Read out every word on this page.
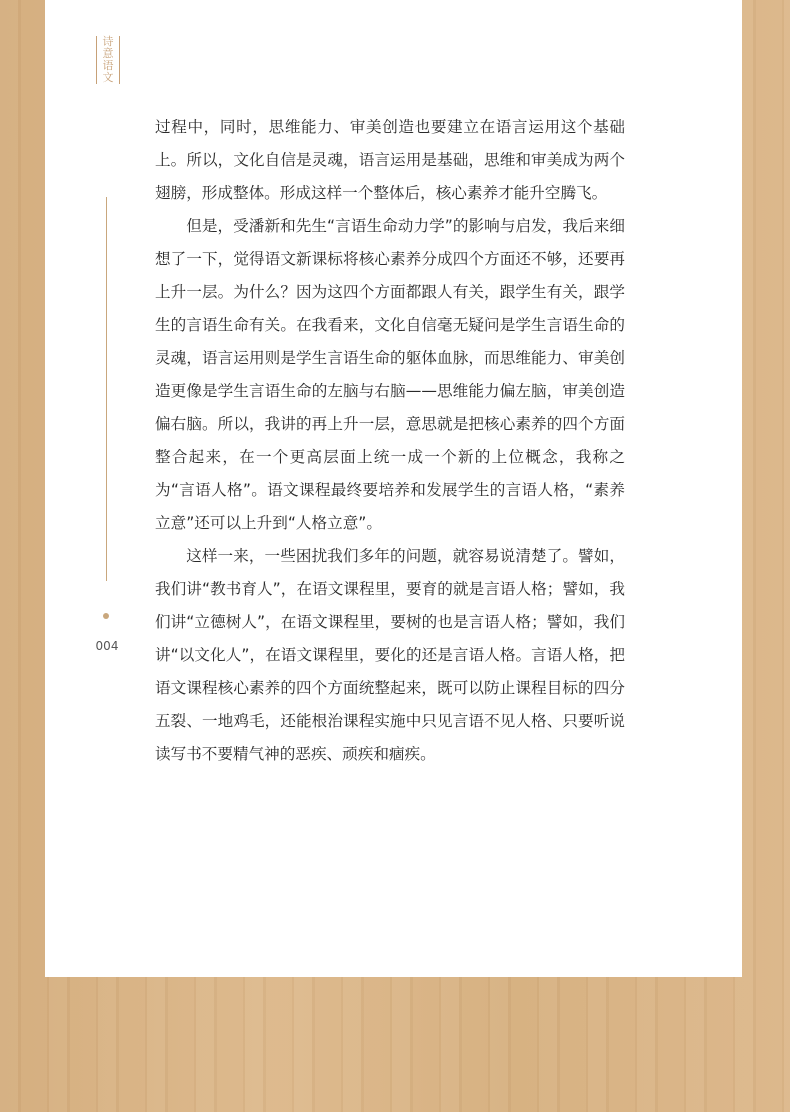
诗意语文
004

过程中，同时，思维能力、审美创造也要建立在语言运用这个基础上。所以，文化自信是灵魂，语言运用是基础，思维和审美成为两个翅膀，形成整体。形成这样一个整体后，核心素养才能升空腾飞。

但是，受潘新和先生“言语生命动力学”的影响与启发，我后来细想了一下，觉得语文新课标将核心素养分成四个方面还不够，还要再上升一层。为什么？因为这四个方面都跟人有关，跟学生有关，跟学生的言语生命有关。在我看来，文化自信毫无疑问是学生言语生命的灵魂，语言运用则是学生言语生命的躯体血脉，而思维能力、审美创造更像是学生言语生命的左脑与右脑——思维能力偏左脑，审美创造偏右脑。所以，我讲的再上升一层，意思就是把核心素养的四个方面整合起来，在一个更高层面上统一成一个新的上位概念，我称之为“言语人格”。语文课程最终要培养和发展学生的言语人格，“素养立意”还可以上升到“人格立意”。

这样一来，一些困扰我们多年的问题，就容易说清楚了。譬如，我们讲“教书育人”，在语文课程里，要育的就是言语人格；譬如，我们讲“立德树人”，在语文课程里，要树的也是言语人格；譬如，我们讲“以文化人”，在语文课程里，要化的还是言语人格。言语人格，把语文课程核心素养的四个方面统整起来，既可以防止课程目标的四分五裂、一地鸡毛，还能根治课程实施中只见言语不见人格、只要听说读写书不要精气神的恶疾、顽疾和痼疾。
